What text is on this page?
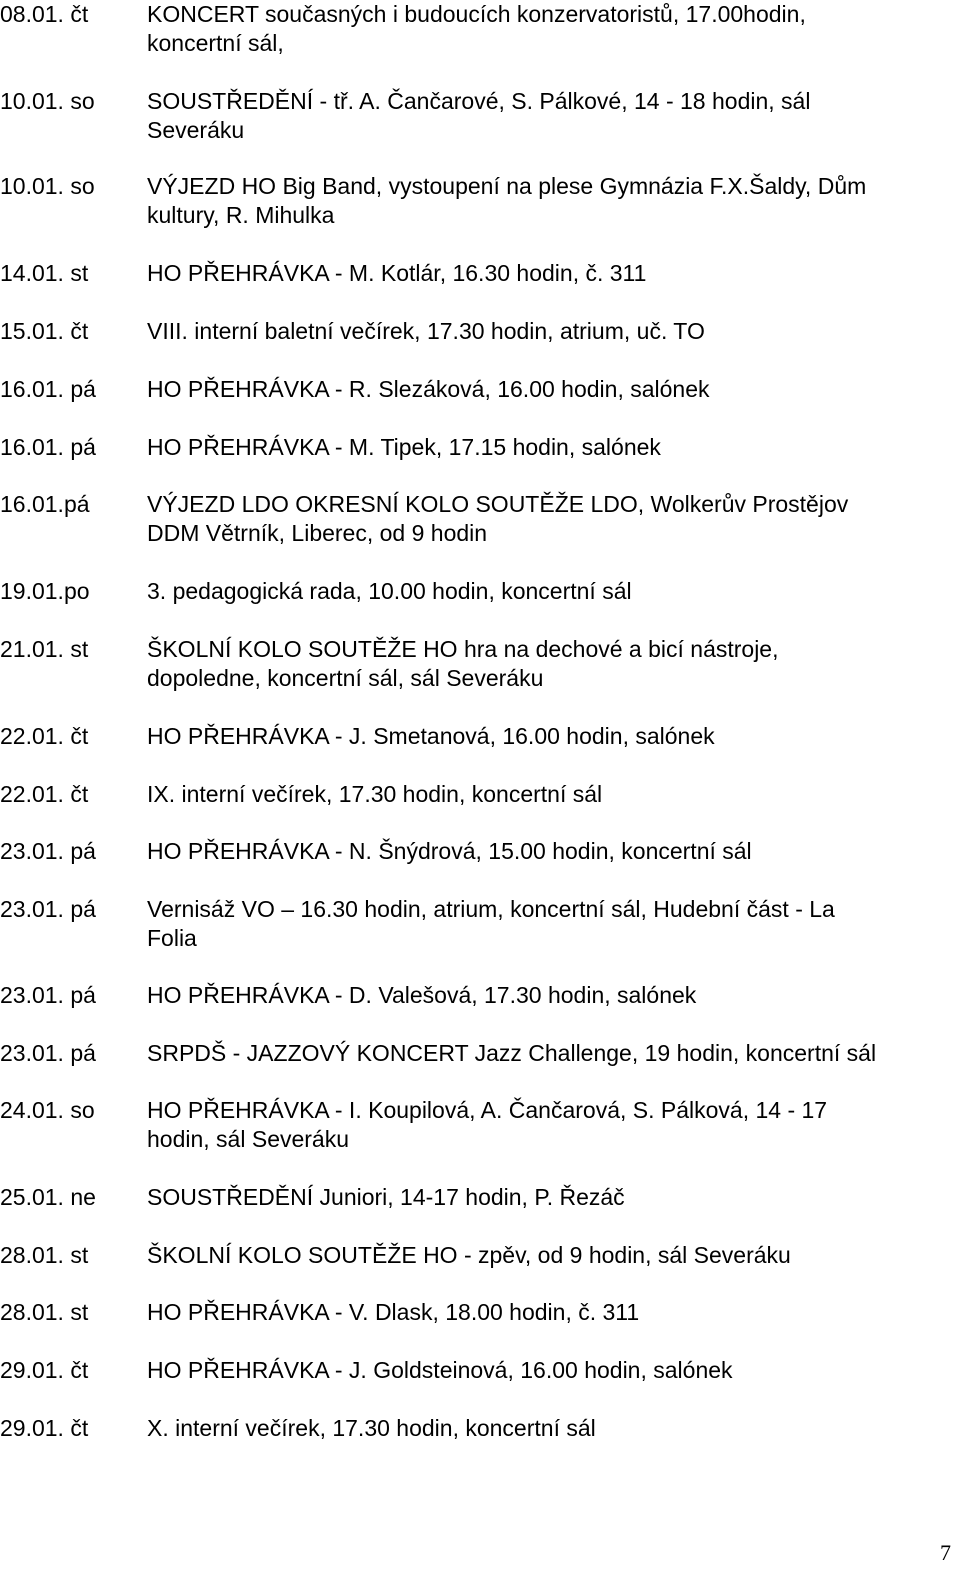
08.01. čt	KONCERT současných i budoucích konzervatoristů, 17.00hodin,
koncertní sál,
10.01. so SOUSTŘEDĚNÍ - tř. A. Čančarové, S. Pálkové, 14 - 18 hodin, sál
Severáku
10.01. so VÝJEZD HO Big Band, vystoupení na plese Gymnázia F.X.Šaldy, Dům
kultury, R. Mihulka
14.01. st	HO PŘEHRÁVKA - M. Kotlár, 16.30 hodin, č. 311
15.01. čt	VIII. interní baletní večírek, 17.30 hodin, atrium, uč. TO
16.01. pá HO PŘEHRÁVKA - R. Slezáková, 16.00 hodin, salónek
16.01. pá HO PŘEHRÁVKA - M. Tipek, 17.15 hodin, salónek
16.01.pá VÝJEZD LDO OKRESNÍ KOLO SOUTĚŽE LDO, Wolkerův Prostějov
DDM Větrník, Liberec, od 9 hodin
19.01.po 3. pedagogická rada, 10.00 hodin, koncertní sál
21.01. st	ŠKOLNÍ KOLO SOUTĚŽE HO hra na dechové a bicí nástroje,
dopoledne, koncertní sál, sál Severáku
22.01. čt	HO PŘEHRÁVKA - J. Smetanová, 16.00 hodin, salónek
22.01. čt	IX. interní večírek, 17.30 hodin, koncertní sál
23.01. pá HO PŘEHRÁVKA - N. Šnýdrová, 15.00 hodin, koncertní sál
23.01. pá Vernisáž VO – 16.30 hodin, atrium, koncertní sál, Hudební část - La
Folia
23.01. pá HO PŘEHRÁVKA - D. Valešová, 17.30 hodin, salónek
23.01. pá SRPDŠ - JAZZOVÝ KONCERT Jazz Challenge, 19 hodin, koncertní sál
24.01. so HO PŘEHRÁVKA - I. Koupilová, A. Čančarová, S. Pálková, 14 - 17
hodin, sál Severáku
25.01. ne SOUSTŘEDĚNÍ Juniori, 14-17 hodin, P. Řezáč
28.01. st	ŠKOLNÍ KOLO SOUTĚŽE HO - zpěv, od 9 hodin, sál Severáku
28.01. st	HO PŘEHRÁVKA - V. Dlask, 18.00 hodin, č. 311
29.01. čt	HO PŘEHRÁVKA - J. Goldsteinová, 16.00 hodin, salónek
29.01. čt	X. interní večírek, 17.30 hodin, koncertní sál
7
